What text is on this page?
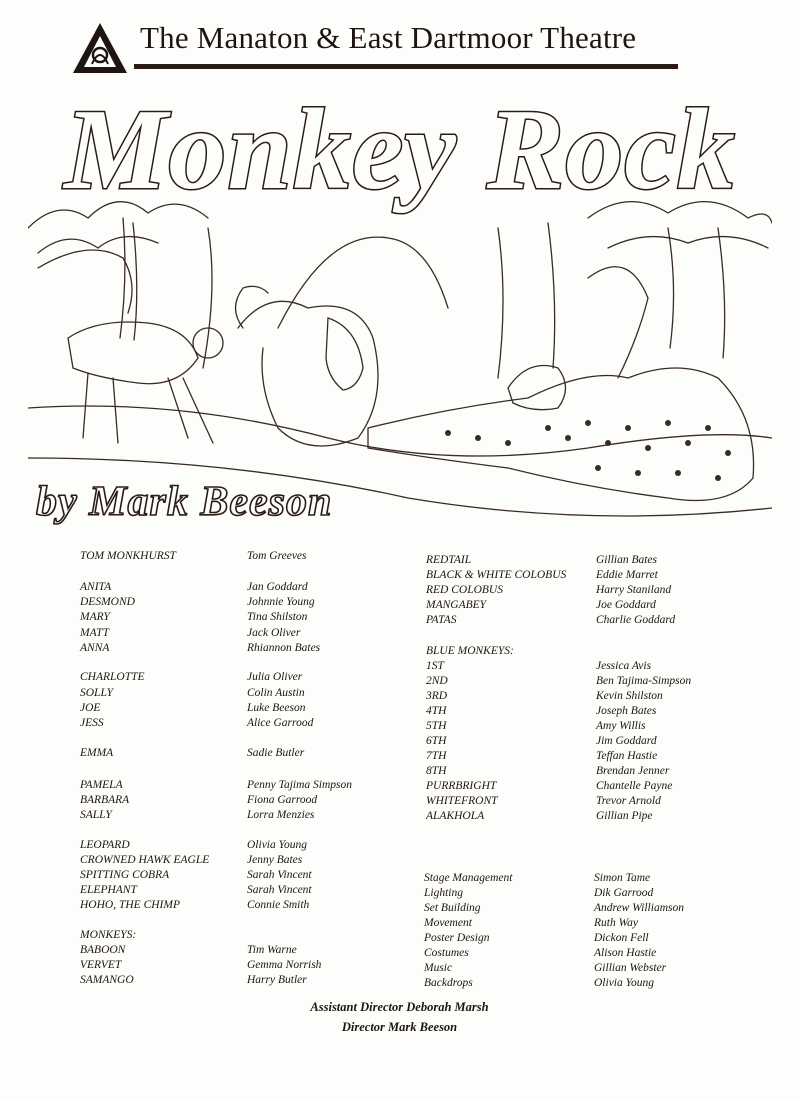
The Manaton & East Dartmoor Theatre
Monkey Rock
by Mark Beeson
TOM MONKHURST	Tom Greeves
ANITA	Jan Goddard
DESMOND	Johnnie Young
MARY	Tina Shilston
MATT	Jack Oliver
ANNA	Rhiannon Bates
CHARLOTTE	Julia Oliver
SOLLY	Colin Austin
JOE	Luke Beeson
JESS	Alice Garrood
EMMA	Sadie Butler
PAMELA	Penny Tajima Simpson
BARBARA	Fiona Garrood
SALLY	Lorra Menzies
LEOPARD	Olivia Young
CROWNED HAWK EAGLE	Jenny Bates
SPITTING COBRA	Sarah Vincent
ELEPHANT	Sarah Vincent
HOHO, THE CHIMP	Connie Smith
MONKEYS:
BABOON	Tim Warne
VERVET	Gemma Norrish
SAMANGO	Harry Butler
REDTAIL	Gillian Bates
BLACK & WHITE COLOBUS	Eddie Marret
RED COLOBUS	Harry Staniland
MANGABEY	Joe Goddard
PATAS	Charlie Goddard
BLUE MONKEYS:
1ST	Jessica Avis
2ND	Ben Tajima-Simpson
3RD	Kevin Shilston
4TH	Joseph Bates
5TH	Amy Willis
6TH	Jim Goddard
7TH	Teffan Hastie
8TH	Brendan Jenner
PURRBRIGHT	Chantelle Payne
WHITEFRONT	Trevor Arnold
ALAKHOLA	Gillian Pipe
Stage Management	Simon Tame
Lighting	Dik Garrood
Set Building	Andrew Williamson
Movement	Ruth Way
Poster Design	Dickon Fell
Costumes	Alison Hastie
Music	Gillian Webster
Backdrops	Olivia Young
Assistant Director Deborah Marsh
Director Mark Beeson
